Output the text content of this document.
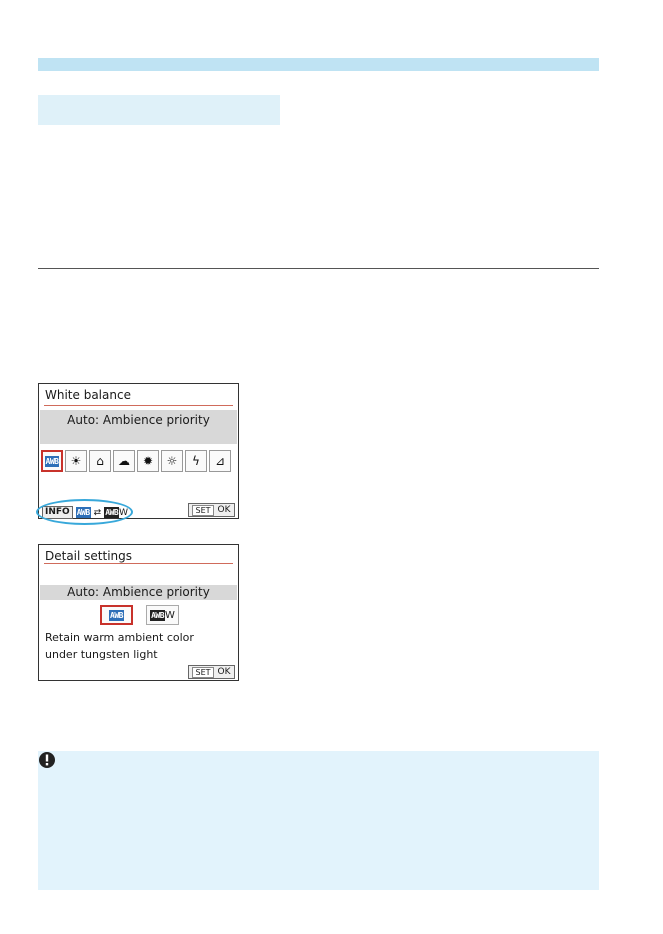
White balance
Auto: Ambience priority
AWB	☀	⌂	☁	✹	☼	ϟ	⊿
INFO AWB ⇄ AWBW	SET OK
Detail settings
Auto: Ambience priority
AWB	AWB W
Retain warm ambient color
under tungsten light
SET OK
